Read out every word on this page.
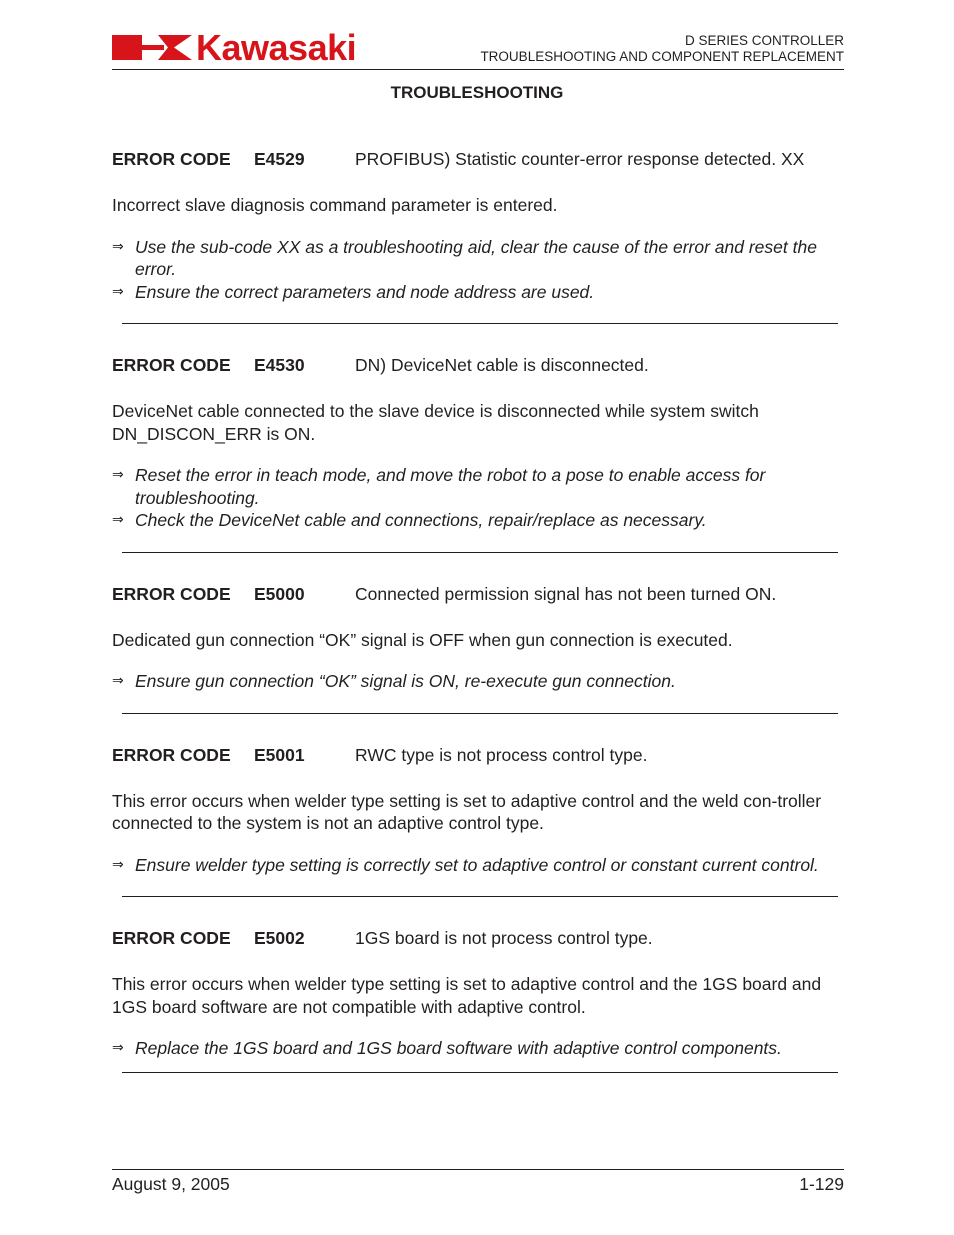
Kawasaki	D SERIES CONTROLLER
TROUBLESHOOTING AND COMPONENT REPLACEMENT
TROUBLESHOOTING
ERROR CODE E4529	PROFIBUS) Statistic counter-error response detected. XX
Incorrect slave diagnosis command parameter is entered.
⇒ Use the sub-code XX as a troubleshooting aid, clear the cause of the error and reset the error.
⇒ Ensure the correct parameters and node address are used.
ERROR CODE E4530	DN) DeviceNet cable is disconnected.
DeviceNet cable connected to the slave device is disconnected while system switch DN_DISCON_ERR is ON.
⇒ Reset the error in teach mode, and move the robot to a pose to enable access for troubleshooting.
⇒ Check the DeviceNet cable and connections, repair/replace as necessary.
ERROR CODE E5000	Connected permission signal has not been turned ON.
Dedicated gun connection “OK” signal is OFF when gun connection is executed.
⇒ Ensure gun connection “OK” signal is ON, re-execute gun connection.
ERROR CODE E5001	RWC type is not process control type.
This error occurs when welder type setting is set to adaptive control and the weld con-troller connected to the system is not an adaptive control type.
⇒ Ensure welder type setting is correctly set to adaptive control or constant current control.
ERROR CODE E5002	1GS board is not process control type.
This error occurs when welder type setting is set to adaptive control and the 1GS board and 1GS board software are not compatible with adaptive control.
⇒ Replace the 1GS board and 1GS board software with adaptive control components.
August 9, 2005	1-129
